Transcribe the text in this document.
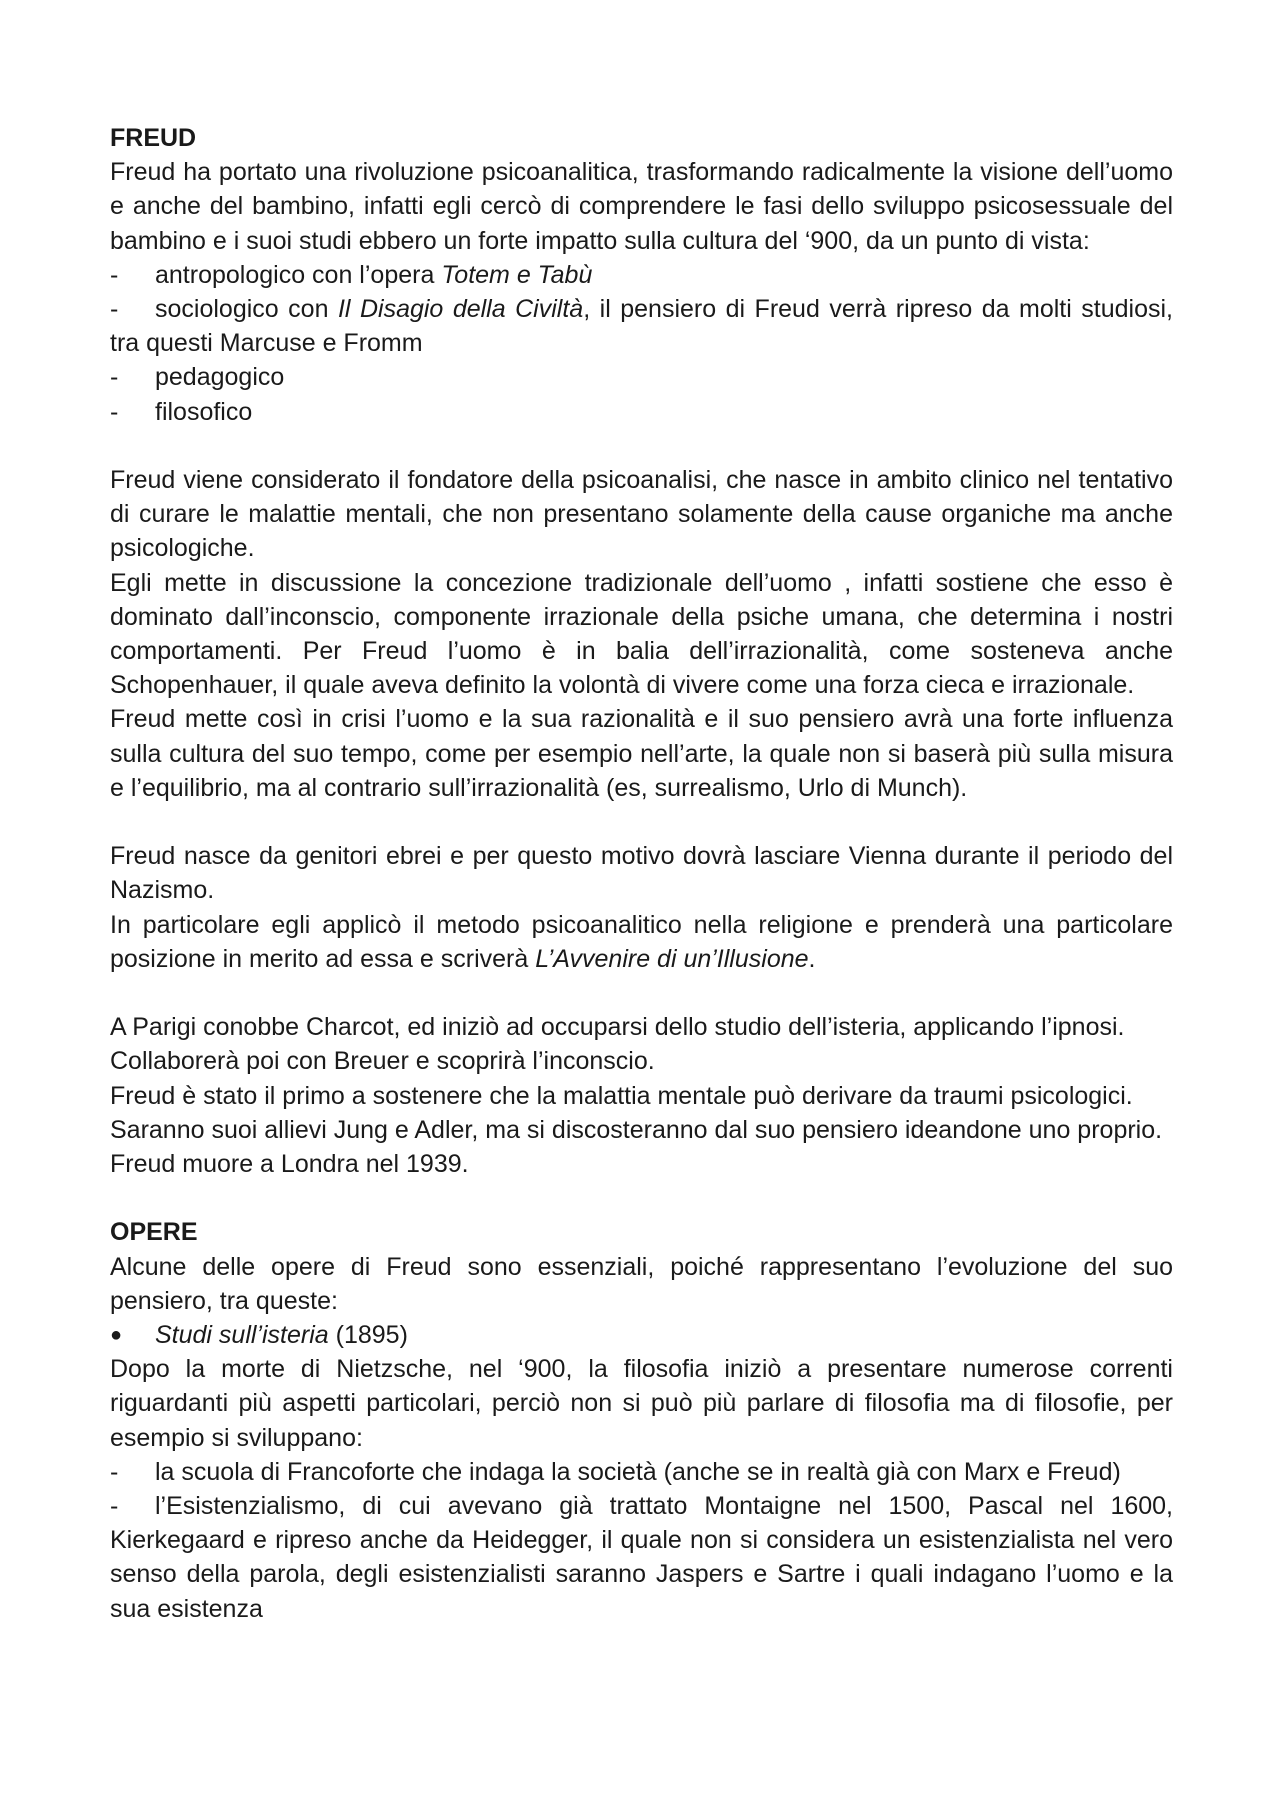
FREUD

Freud ha portato una rivoluzione psicoanalitica, trasformando radicalmente la visione dell’uomo e anche del bambino, infatti egli cercò di comprendere le fasi dello sviluppo psicosessuale del bambino e i suoi studi ebbero un forte impatto sulla cultura del ‘900, da un punto di vista:

- antropologico con l’opera Totem e Tabù

- sociologico con Il Disagio della Civiltà, il pensiero di Freud verrà ripreso da molti studiosi, tra questi Marcuse e Fromm

- pedagogico

- filosofico

Freud viene considerato il fondatore della psicoanalisi, che nasce in ambito clinico nel tentativo di curare le malattie mentali, che non presentano solamente della cause organiche ma anche psicologiche.

Egli mette in discussione la concezione tradizionale dell’uomo , infatti sostiene che esso è dominato dall’inconscio, componente irrazionale della psiche umana, che determina i nostri comportamenti. Per Freud l’uomo è in balia dell’irrazionalità, come sosteneva anche Schopenhauer, il quale aveva definito la volontà di vivere come una forza cieca e irrazionale.

Freud mette così in crisi l’uomo e la sua razionalità e il suo pensiero avrà una forte influenza sulla cultura del suo tempo, come per esempio nell’arte, la quale non si baserà più sulla misura e l’equilibrio, ma al contrario sull’irrazionalità (es, surrealismo, Urlo di Munch).

Freud nasce da genitori ebrei e per questo motivo dovrà lasciare Vienna durante il periodo del Nazismo.

In particolare egli applicò il metodo psicoanalitico nella religione e prenderà una particolare posizione in merito ad essa e scriverà L’Avvenire di un’Illusione.

A Parigi conobbe Charcot, ed iniziò ad occuparsi dello studio dell’isteria, applicando l’ipnosi.

Collaborerà poi con Breuer e scoprirà l’inconscio.

Freud è stato il primo a sostenere che la malattia mentale può derivare da traumi psicologici.

Saranno suoi allievi Jung e Adler, ma si discosteranno dal suo pensiero ideandone uno proprio.

Freud muore a Londra nel 1939.

OPERE

Alcune delle opere di Freud sono essenziali, poiché rappresentano l’evoluzione del suo pensiero, tra queste:

● Studi sull’isteria (1895)

Dopo la morte di Nietzsche, nel ‘900, la filosofia iniziò a presentare numerose correnti riguardanti più aspetti particolari, perciò non si può più parlare di filosofia ma di filosofie, per esempio si sviluppano:

- la scuola di Francoforte che indaga la società (anche se in realtà già con Marx e Freud)

- l’Esistenzialismo, di cui avevano già trattato Montaigne nel 1500, Pascal nel 1600, Kierkegaard e ripreso anche da Heidegger, il quale non si considera un esistenzialista nel vero senso della parola, degli esistenzialisti saranno Jaspers e Sartre i quali indagano l’uomo e la sua esistenza
